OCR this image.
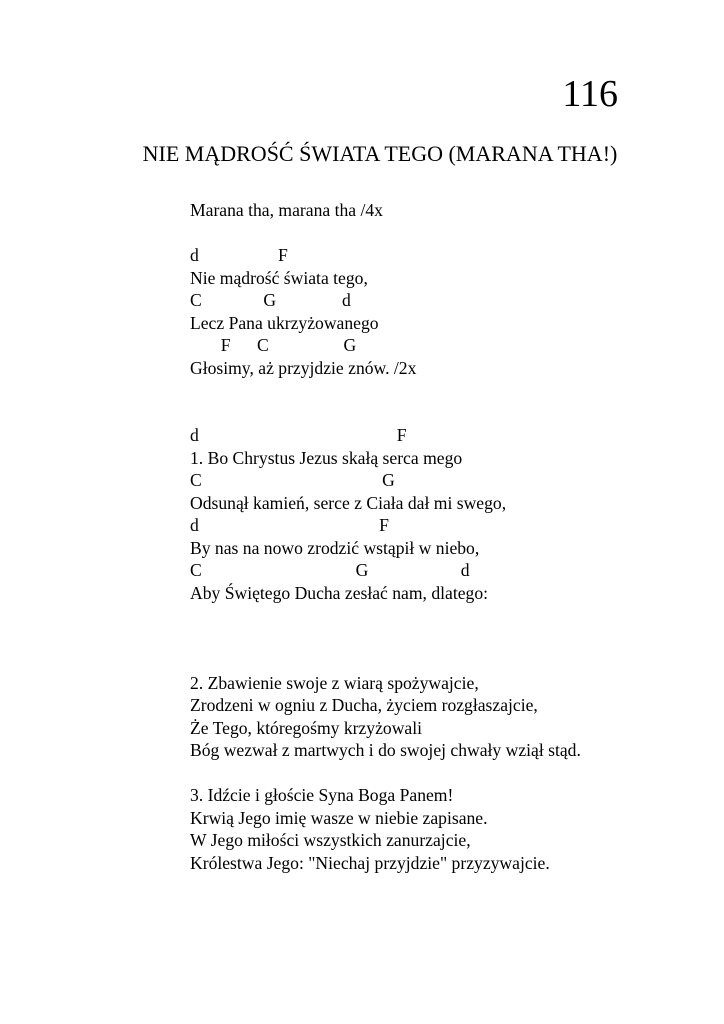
116
NIE MĄDROŚĆ ŚWIATA TEGO (MARANA THA!)
Marana tha, marana tha /4x
d                  F
Nie mądrość świata tego,
C              G               d
Lecz Pana ukrzyżowanego
F      C                 G
Głosimy, aż przyjdzie znów. /2x
d                                             F
1. Bo Chrystus Jezus skałą serca mego
C                                         G
Odsunął kamień, serce z Ciała dał mi swego,
d                                         F
By nas na nowo zrodzić wstąpił w niebo,
C                                   G                     d
Aby Świętego Ducha zesłać nam, dlatego:
2. Zbawienie swoje z wiarą spożywajcie,
Zrodzeni w ogniu z Ducha, życiem rozgłaszajcie,
Że Tego, któregośmy krzyżowali
Bóg wezwał z martwych i do swojej chwały wziął stąd.
3. Idźcie i głoście Syna Boga Panem!
Krwią Jego imię wasze w niebie zapisane.
W Jego miłości wszystkich zanurzajcie,
Królestwa Jego: "Niechaj przyjdzie" przyzywajcie.
